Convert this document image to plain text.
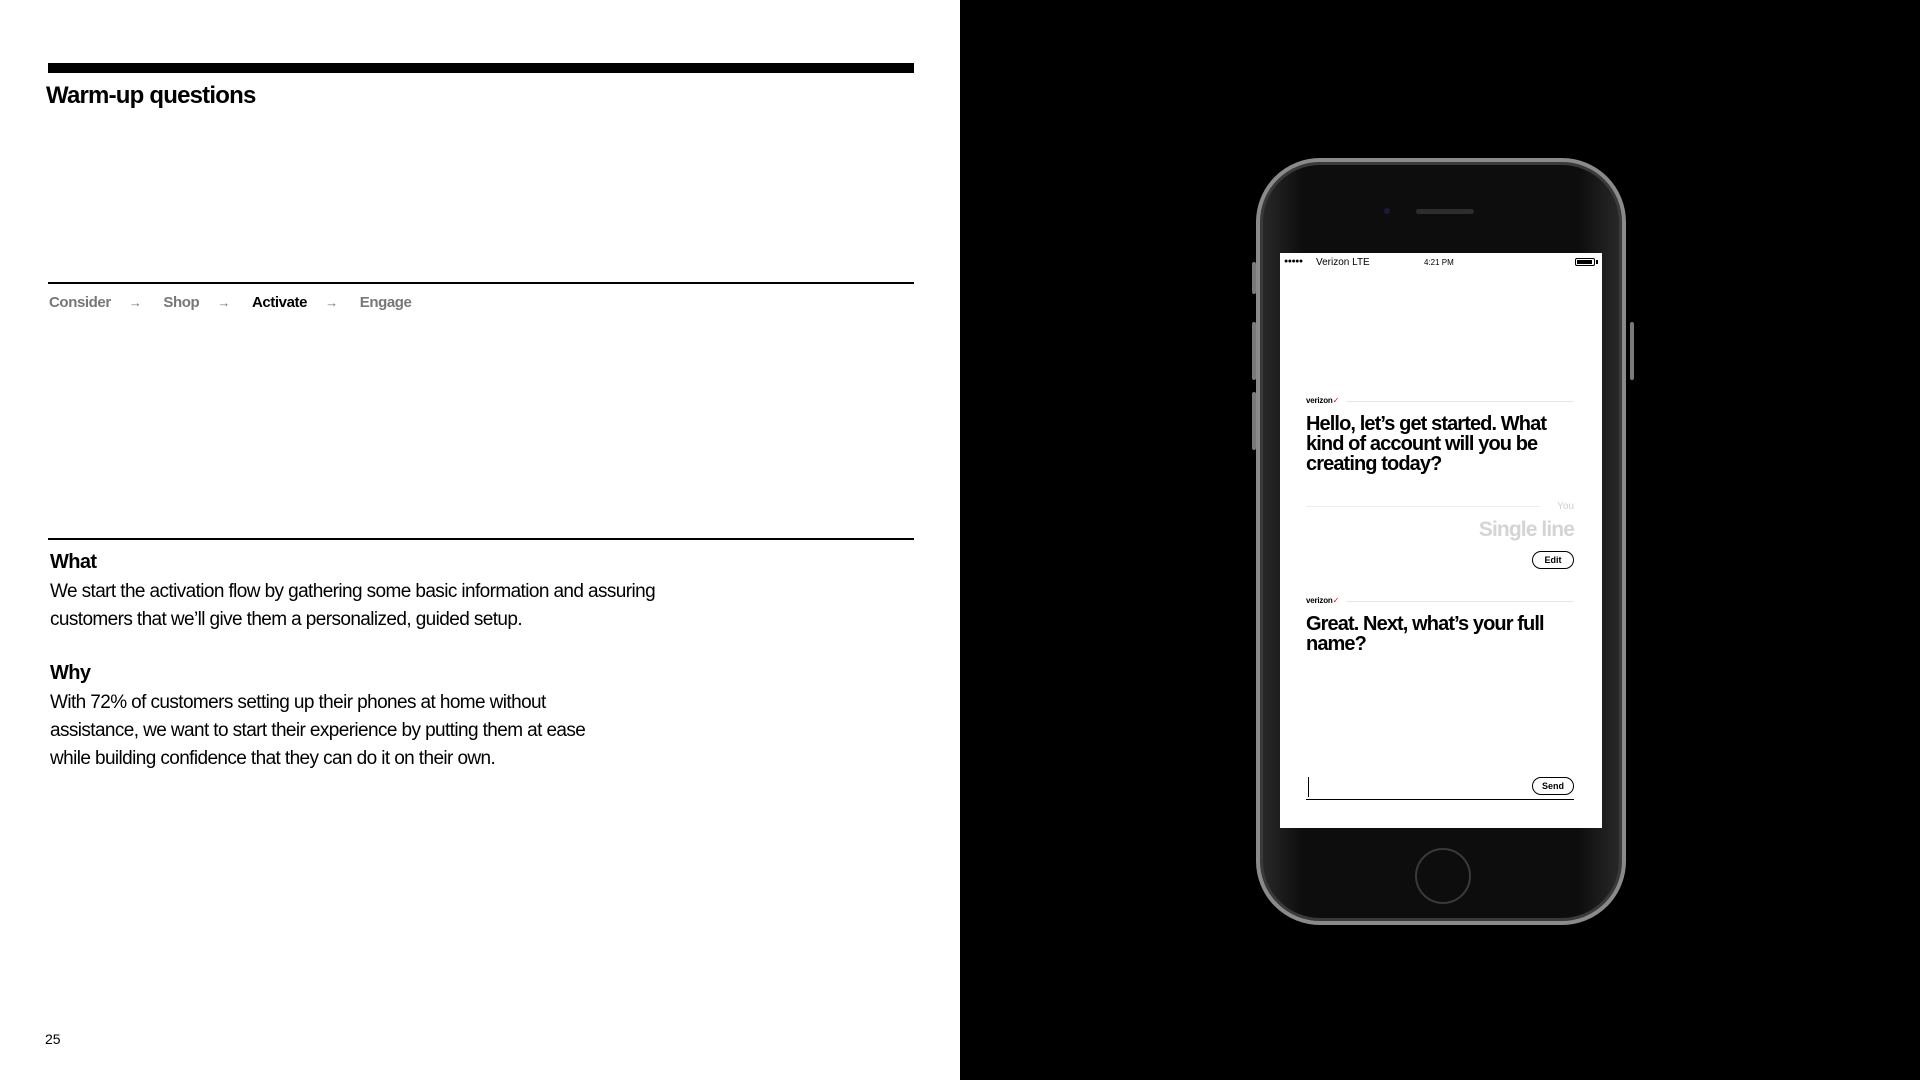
Warm-up questions
Consider → Shop → Activate → Engage
What

We start the activation flow by gathering some basic information and assuring customers that we’ll give them a personalized, guided setup.

Why

With 72% of customers setting up their phones at home without assistance, we want to start their experience by putting them at ease while building confidence that they can do it on their own.

25
●●●●● Verizon LTE	4:21 PM
verizon✓
Hello, let’s get started. What kind of account will you be creating today?
You
Single line
Edit
verizon✓
Great. Next, what’s your full name?
Send
